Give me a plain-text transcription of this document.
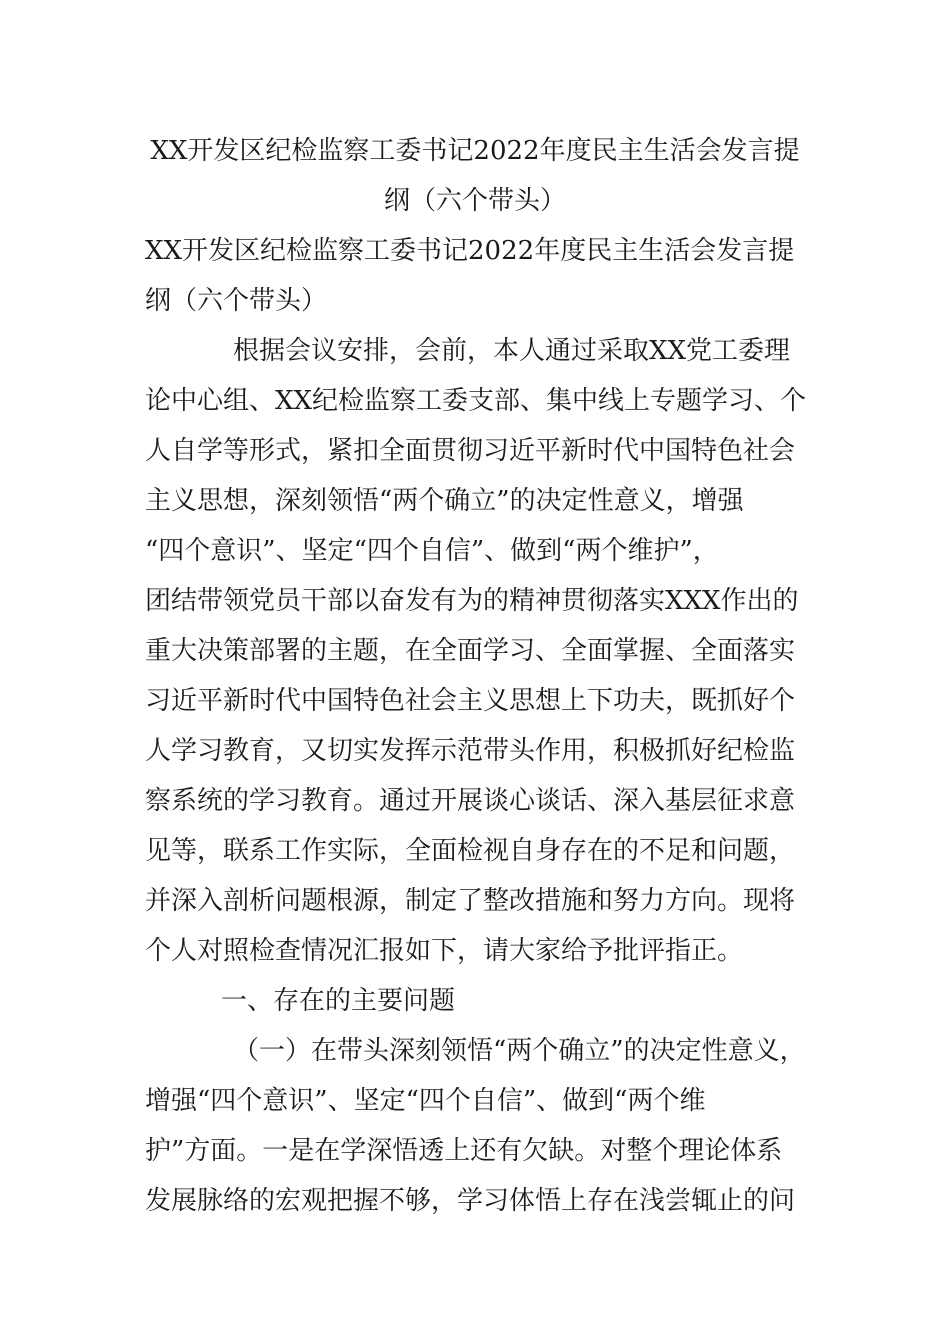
XX开发区纪检监察工委书记2022年度民主生活会发言提
纲（六个带头）
XX开发区纪检监察工委书记2022年度民主生活会发言提
纲（六个带头）
根据会议安排，会前，本人通过采取XX党工委理
论中心组、XX纪检监察工委支部、集中线上专题学习、个
人自学等形式，紧扣全面贯彻习近平新时代中国特色社会
主义思想，深刻领悟“两个确立”的决定性意义，增强
“四个意识”、坚定“四个自信”、做到“两个维护”，
团结带领党员干部以奋发有为的精神贯彻落实XXX作出的
重大决策部署的主题，在全面学习、全面掌握、全面落实
习近平新时代中国特色社会主义思想上下功夫，既抓好个
人学习教育，又切实发挥示范带头作用，积极抓好纪检监
察系统的学习教育。通过开展谈心谈话、深入基层征求意
见等，联系工作实际，全面检视自身存在的不足和问题，
并深入剖析问题根源，制定了整改措施和努力方向。现将
个人对照检查情况汇报如下，请大家给予批评指正。
一、存在的主要问题
（一）在带头深刻领悟“两个确立”的决定性意义，
增强“四个意识”、坚定“四个自信”、做到“两个维
护”方面。一是在学深悟透上还有欠缺。对整个理论体系
发展脉络的宏观把握不够，学习体悟上存在浅尝辄止的问
